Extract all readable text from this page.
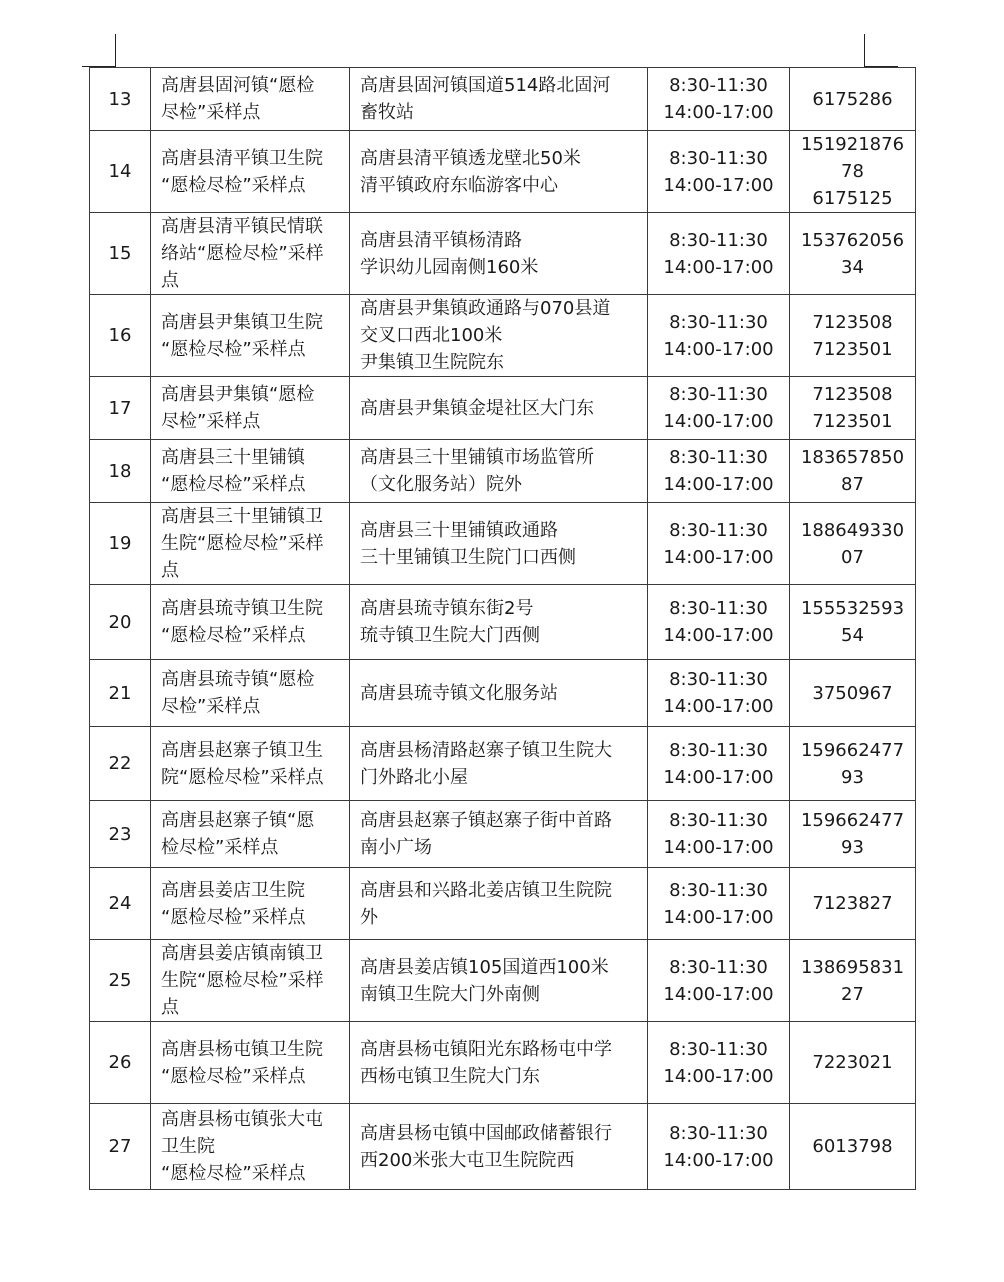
13	高唐县固河镇“愿检
尽检”采样点	高唐县固河镇国道514路北固河
畜牧站	8:30-11:30
14:00-17:00	6175286

14	高唐县清平镇卫生院
“愿检尽检”采样点	高唐县清平镇透龙壁北50米
清平镇政府东临游客中心	8:30-11:30
14:00-17:00	151921876
78
6175125

15	高唐县清平镇民情联
络站“愿检尽检”采样
点	高唐县清平镇杨清路
学识幼儿园南侧160米	8:30-11:30
14:00-17:00	153762056
34

16	高唐县尹集镇卫生院
“愿检尽检”采样点	高唐县尹集镇政通路与070县道
交叉口西北100米
尹集镇卫生院院东	8:30-11:30
14:00-17:00	7123508
7123501

17	高唐县尹集镇“愿检
尽检”采样点	高唐县尹集镇金堤社区大门东	8:30-11:30
14:00-17:00	7123508
7123501

18	高唐县三十里铺镇
“愿检尽检”采样点	高唐县三十里铺镇市场监管所
（文化服务站）院外	8:30-11:30
14:00-17:00	183657850
87

19	高唐县三十里铺镇卫
生院“愿检尽检”采样
点	高唐县三十里铺镇政通路
三十里铺镇卫生院门口西侧	8:30-11:30
14:00-17:00	188649330
07

20	高唐县琉寺镇卫生院
“愿检尽检”采样点	高唐县琉寺镇东街2号
琉寺镇卫生院大门西侧	8:30-11:30
14:00-17:00	155532593
54

21	高唐县琉寺镇“愿检
尽检”采样点	高唐县琉寺镇文化服务站	8:30-11:30
14:00-17:00	3750967

22	高唐县赵寨子镇卫生
院“愿检尽检”采样点	高唐县杨清路赵寨子镇卫生院大
门外路北小屋	8:30-11:30
14:00-17:00	159662477
93

23	高唐县赵寨子镇“愿
检尽检”采样点	高唐县赵寨子镇赵寨子街中首路
南小广场	8:30-11:30
14:00-17:00	159662477
93

24	高唐县姜店卫生院
“愿检尽检”采样点	高唐县和兴路北姜店镇卫生院院
外	8:30-11:30
14:00-17:00	7123827

25	高唐县姜店镇南镇卫
生院“愿检尽检”采样
点	高唐县姜店镇105国道西100米
南镇卫生院大门外南侧	8:30-11:30
14:00-17:00	138695831
27

26	高唐县杨屯镇卫生院
“愿检尽检”采样点	高唐县杨屯镇阳光东路杨屯中学
西杨屯镇卫生院大门东	8:30-11:30
14:00-17:00	7223021

27	高唐县杨屯镇张大屯
卫生院
“愿检尽检”采样点	高唐县杨屯镇中国邮政储蓄银行
西200米张大屯卫生院院西	8:30-11:30
14:00-17:00	6013798
